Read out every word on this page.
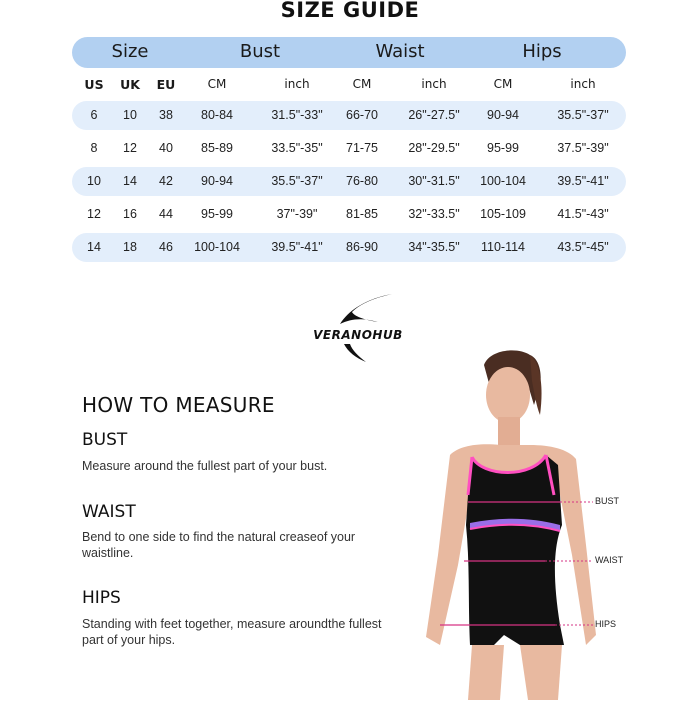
SIZE GUIDE
Size	Bust	Waist	Hips
US UK EU	CM	inch	CM	inch	CM	inch
6 10 38 80-84	31.5"-33" 66-70 26"-27.5" 90-94	35.5"-37"
8 12 40 85-89	33.5"-35" 71-75 28"-29.5" 95-99	37.5"-39"
10 14 42 90-94	35.5"-37" 76-80 30"-31.5" 100-104	39.5"-41"
12 16 44 95-99	37"-39" 81-85 32"-33.5" 105-109	41.5"-43"
14 18 46 100-104	39.5"-41" 86-90 34"-35.5" 110-114	43.5"-45"
VERANOHUB
HOW TO MEASURE
BUST
Measure around the fullest part of your bust.
WAIST
Bend to one side to find the natural creaseof your waistline.
HIPS
Standing with feet together, measure aroundthe fullest part of your hips.
BUST
WAIST
HIPS
